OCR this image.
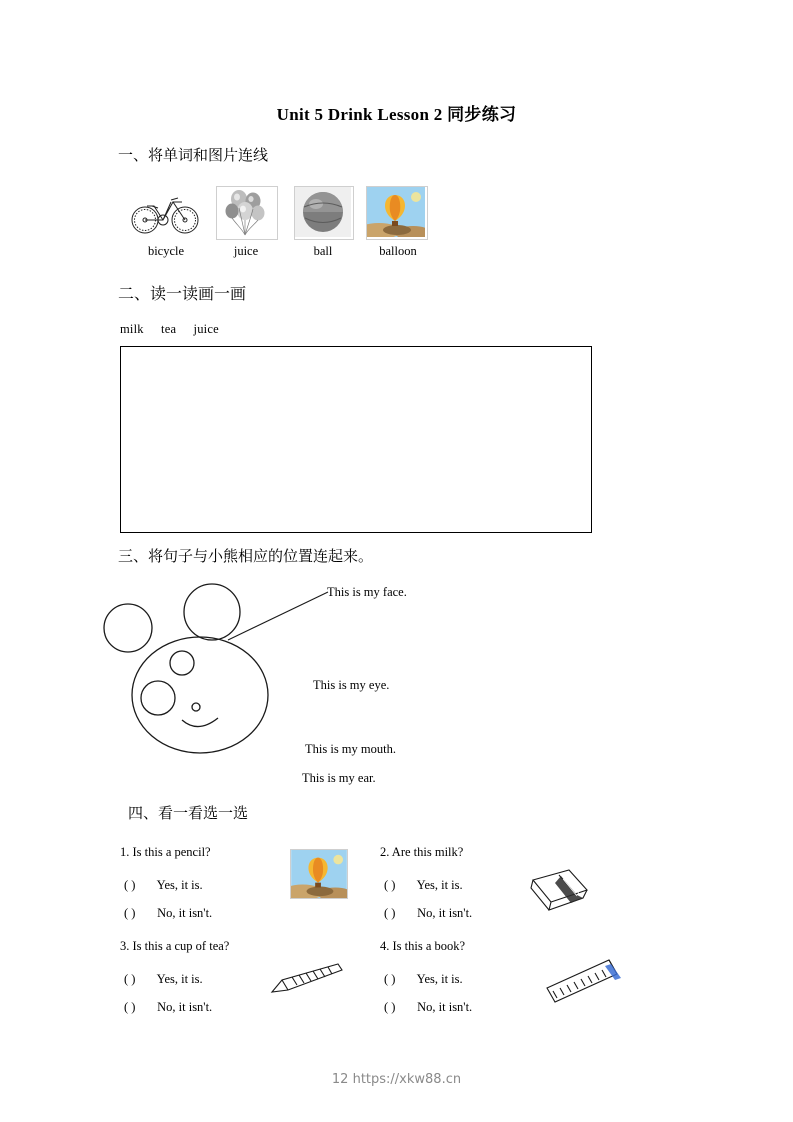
Unit 5 Drink Lesson 2 同步练习
一、将单词和图片连线
bicycle	juice	ball	balloon
二、读一读画一画
milk tea juice
三、将句子与小熊相应的位置连起来。
This is my face.
This is my eye.
This is my mouth.
This is my ear.
四、看一看选一选
1. Is this a pencil?
( ) Yes, it is.
( ) No, it isn't.
2. Are this milk?
( ) Yes, it is.
( ) No, it isn't.
3. Is this a cup of tea?
( ) Yes, it is.
( ) No, it isn't.
4. Is this a book?
( ) Yes, it is.
( ) No, it isn't.
12 https://xkw88.cn
